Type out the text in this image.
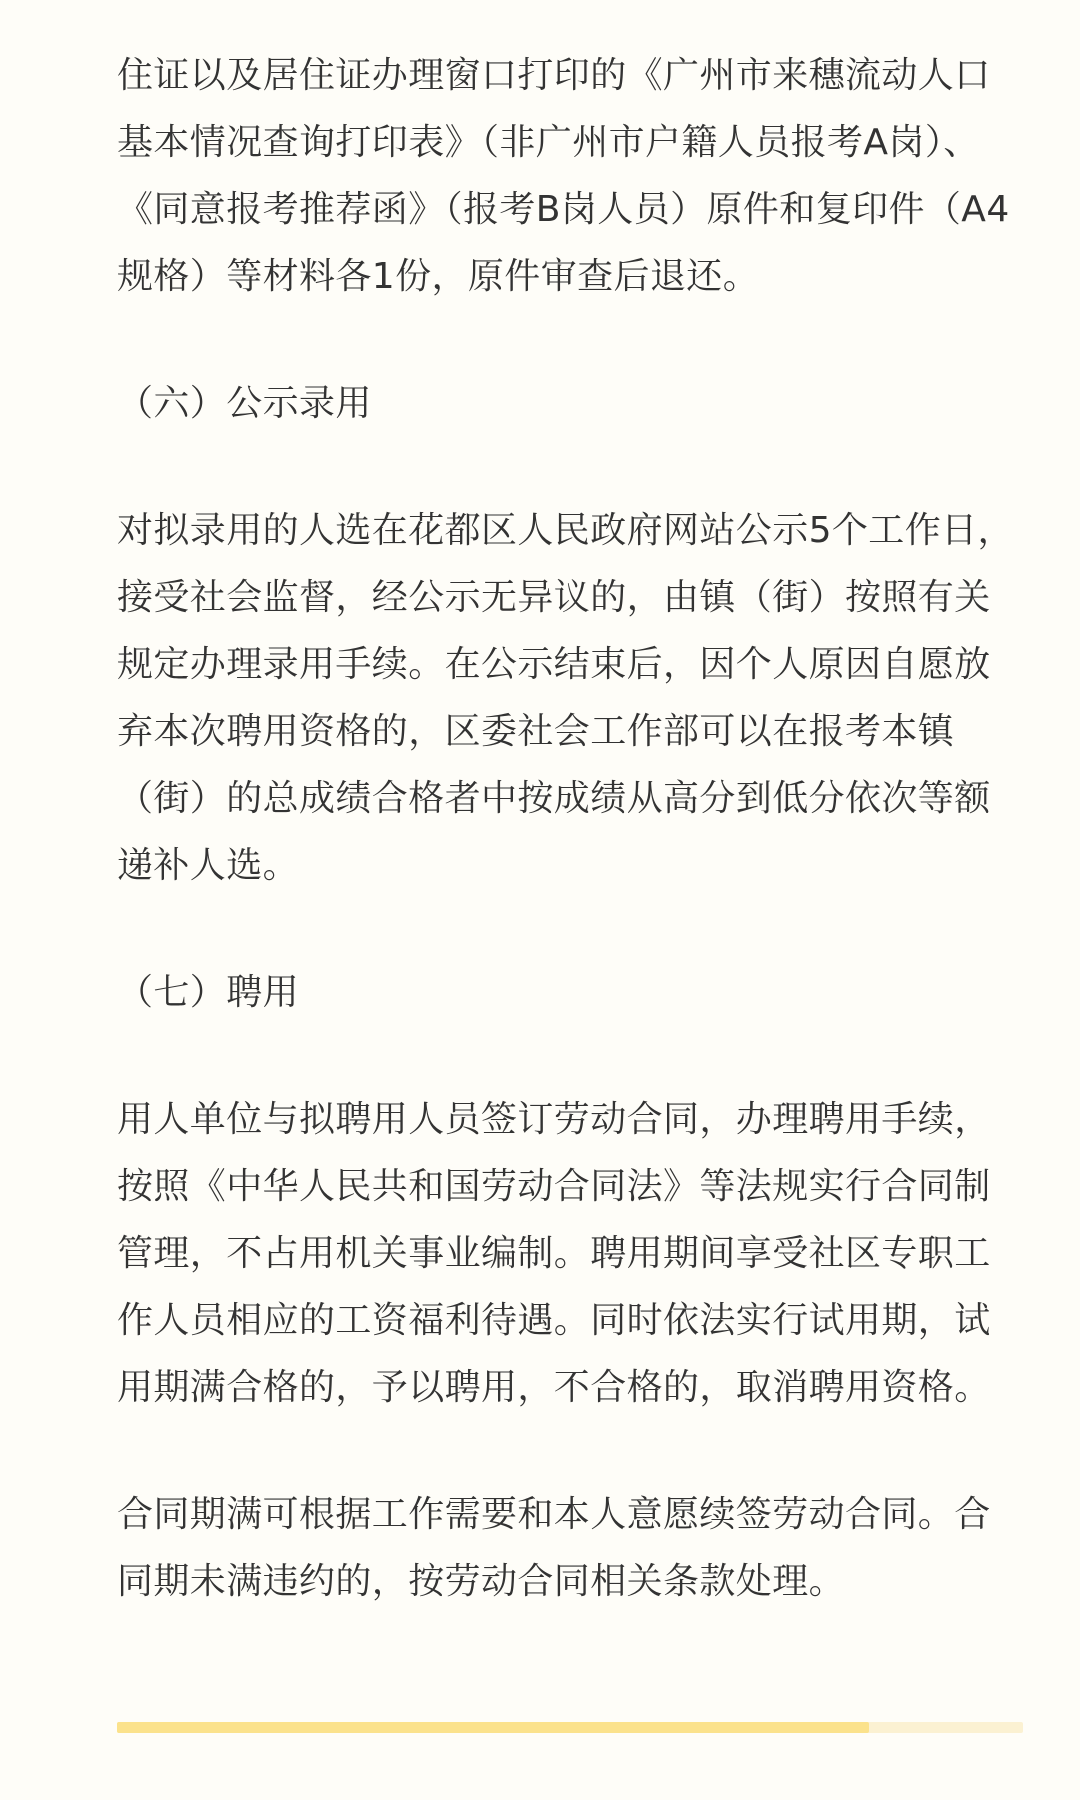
住证以及居住证办理窗口打印的《广州市来穗流动人口基本情况查询打印表》（非广州市户籍人员报考A岗）、《同意报考推荐函》（报考B岗人员）原件和复印件（A4规格）等材料各1份，原件审查后退还。

（六）公示录用

对拟录用的人选在花都区人民政府网站公示5个工作日，接受社会监督，经公示无异议的，由镇（街）按照有关规定办理录用手续。在公示结束后，因个人原因自愿放弃本次聘用资格的，区委社会工作部可以在报考本镇（街）的总成绩合格者中按成绩从高分到低分依次等额递补人选。

（七）聘用

用人单位与拟聘用人员签订劳动合同，办理聘用手续，按照《中华人民共和国劳动合同法》等法规实行合同制管理，不占用机关事业编制。聘用期间享受社区专职工作人员相应的工资福利待遇。同时依法实行试用期，试用期满合格的，予以聘用，不合格的，取消聘用资格。

合同期满可根据工作需要和本人意愿续签劳动合同。合同期未满违约的，按劳动合同相关条款处理。
